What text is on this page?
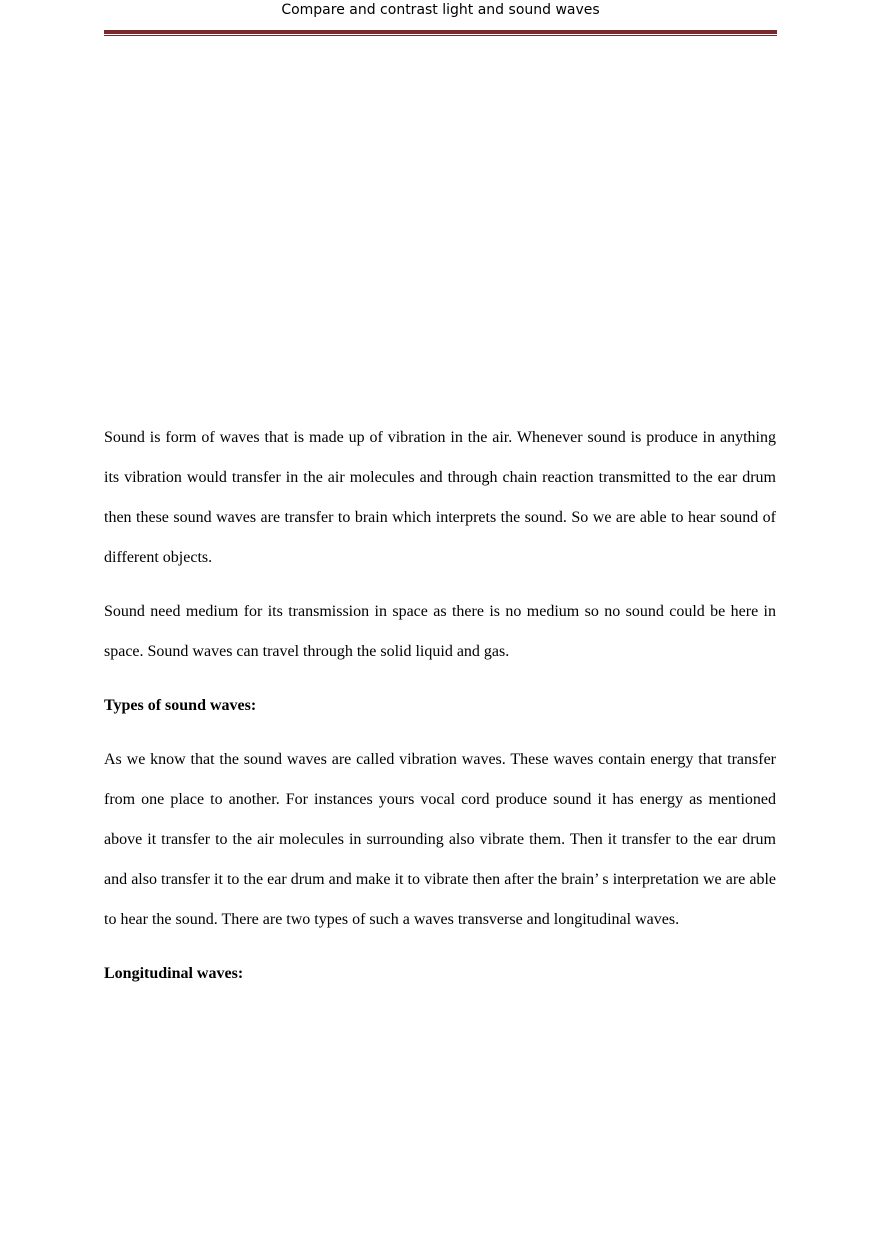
Compare and contrast light and sound waves

Sound is form of waves that is made up of vibration in the air. Whenever sound is produce in anything its vibration would transfer in the air molecules and through chain reaction transmitted to the ear drum then these sound waves are transfer to brain which interprets the sound. So we are able to hear sound of different objects.

Sound need medium for its transmission in space as there is no medium so no sound could be here in space. Sound waves can travel through the solid liquid and gas.

Types of sound waves:

As we know that the sound waves are called vibration waves. These waves contain energy that transfer from one place to another. For instances yours vocal cord produce sound it has energy as mentioned above it transfer to the air molecules in surrounding also vibrate them. Then it transfer to the ear drum and also transfer it to the ear drum and make it to vibrate then after the brain’ s interpretation we are able to hear the sound. There are two types of such a waves transverse and longitudinal waves.

Longitudinal waves:
